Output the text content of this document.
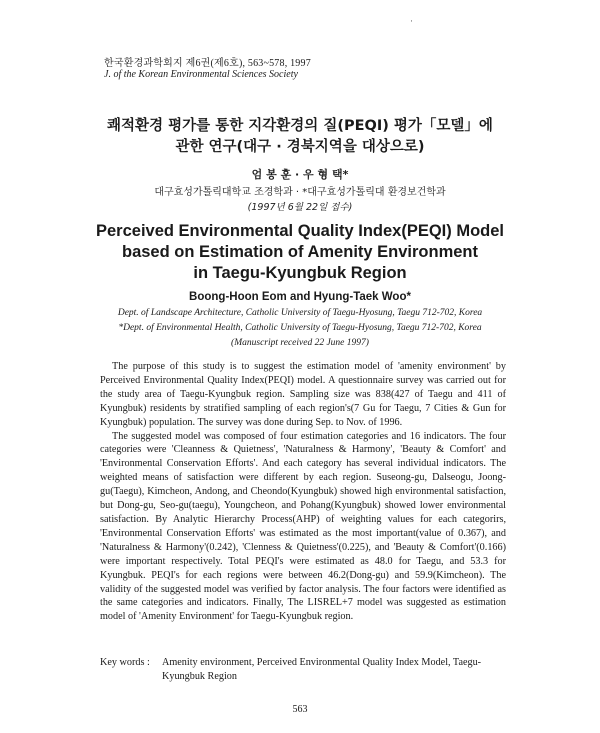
·
한국환경과학회지 제6권(제6호), 563~578, 1997
J. of the Korean Environmental Sciences Society
쾌적환경 평가를 통한 지각환경의 질(PEQI) 평가「모델」에
관한 연구(대구 · 경북지역을 대상으로)
엄 봉 훈 · 우 형 택*
대구효성가톨릭대학교 조경학과 · *대구효성가톨릭대 환경보건학과
(1997년 6월 22일 접수)
Perceived Environmental Quality Index(PEQI) Model
based on Estimation of Amenity Environment
in Taegu-Kyungbuk Region
Boong-Hoon Eom and Hyung-Taek Woo*
Dept. of Landscape Architecture, Catholic University of Taegu-Hyosung, Taegu 712-702, Korea
*Dept. of Environmental Health, Catholic University of Taegu-Hyosung, Taegu 712-702, Korea
(Manuscript received 22 June 1997)

The purpose of this study is to suggest the estimation model of 'amenity environment' by Perceived Environmental Quality Index(PEQI) model. A questionnaire survey was carried out for the study area of Taegu-Kyungbuk region. Sampling size was 838(427 of Taegu and 411 of Kyungbuk) residents by stratified sampling of each region's(7 Gu for Taegu, 7 Cities & Gun for Kyungbuk) population. The survey was done during Sep. to Nov. of 1996.

The suggested model was composed of four estimation categories and 16 indicators. The four categories were 'Cleanness & Quietness', 'Naturalness & Harmony', 'Beauty & Comfort' and 'Environmental Conservation Efforts'. And each category has several individual indicators. The weighted means of satisfaction were different by each region. Suseong-gu, Dalseogu, Joong-gu(Taegu), Kimcheon, Andong, and Cheondo(Kyungbuk) showed high environmental satisfaction, but Dong-gu, Seo-gu(taegu), Youngcheon, and Pohang(Kyungbuk) showed lower environmental satisfaction. By Analytic Hierarchy Process(AHP) of weighting values for each categorirs, 'Environmental Conservation Efforts' was estimated as the most important(value of 0.367), and 'Naturalness & Harmony'(0.242), 'Clenness & Quietness'(0.225), and 'Beauty & Comfort'(0.166) were important respectively. Total PEQI's were estimated as 48.0 for Taegu, and 53.3 for Kyungbuk. PEQI's for each regions were between 46.2(Dong-gu) and 59.9(Kimcheon). The validity of the suggested model was verified by factor analysis. The four factors were identified as the same categories and indicators. Finally, The LISREL+7 model was suggested as estimation model of 'Amenity Environment' for Taegu-Kyungbuk region.

Key words : Amenity environment, Perceived Environmental Quality Index Model, Taegu-
Kyungbuk Region
563
